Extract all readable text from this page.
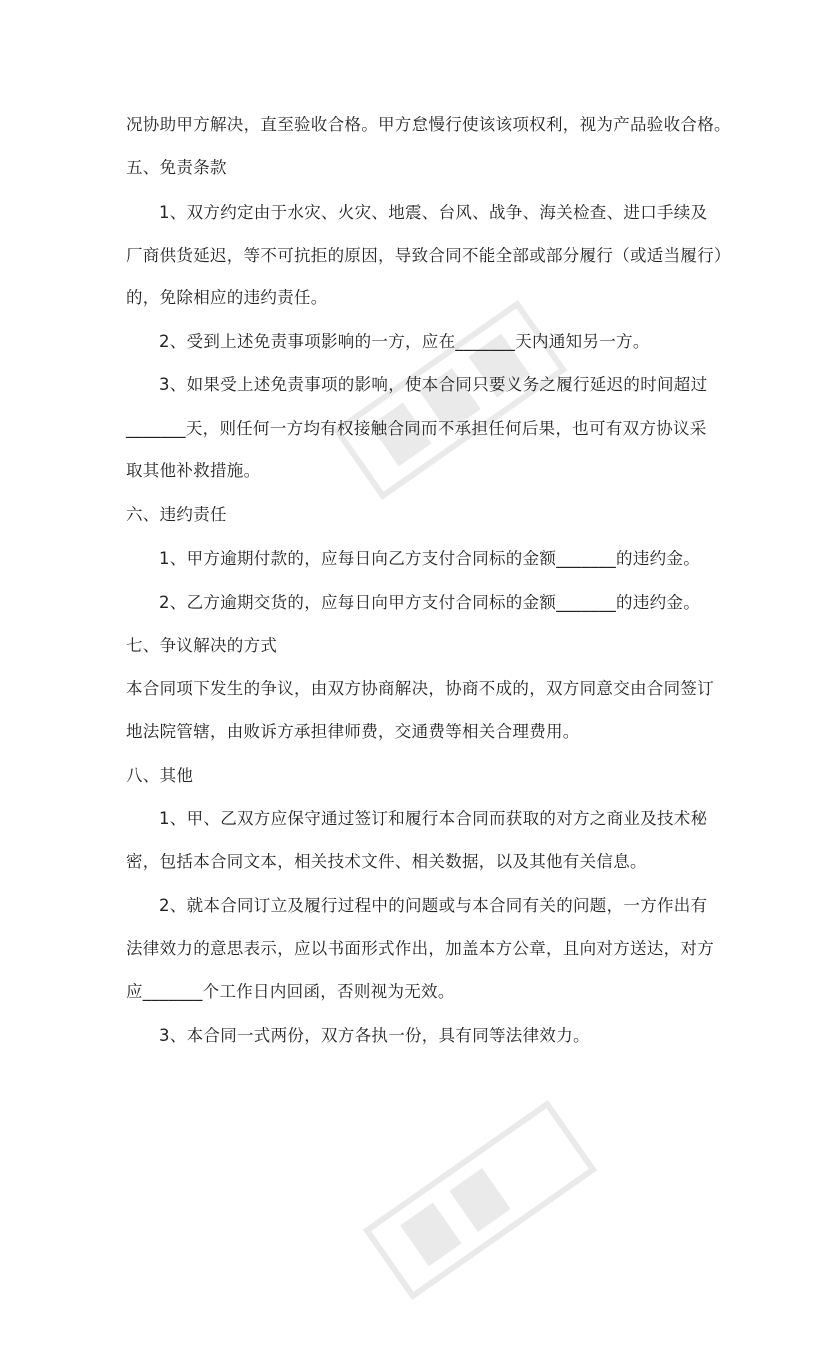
况协助甲方解决，直至验收合格。甲方怠慢行使该该项权利，视为产品验收合格。

五、免责条款

1、双方约定由于水灾、火灾、地震、台风、战争、海关检查、进口手续及

厂商供货延迟，等不可抗拒的原因，导致合同不能全部或部分履行（或适当履行）

的，免除相应的违约责任。

2、受到上述免责事项影响的一方，应在_______天内通知另一方。

3、如果受上述免责事项的影响，使本合同只要义务之履行延迟的时间超过

_______天，则任何一方均有权接触合同而不承担任何后果，也可有双方协议采

取其他补救措施。

六、违约责任

1、甲方逾期付款的，应每日向乙方支付合同标的金额_______的违约金。

2、乙方逾期交货的，应每日向甲方支付合同标的金额_______的违约金。

七、争议解决的方式

本合同项下发生的争议，由双方协商解决，协商不成的，双方同意交由合同签订

地法院管辖，由败诉方承担律师费，交通费等相关合理费用。

八、其他

1、甲、乙双方应保守通过签订和履行本合同而获取的对方之商业及技术秘

密，包括本合同文本，相关技术文件、相关数据，以及其他有关信息。

2、就本合同订立及履行过程中的问题或与本合同有关的问题，一方作出有

法律效力的意思表示，应以书面形式作出，加盖本方公章，且向对方送达，对方

应_______个工作日内回函，否则视为无效。

3、本合同一式两份，双方各执一份，具有同等法律效力。
